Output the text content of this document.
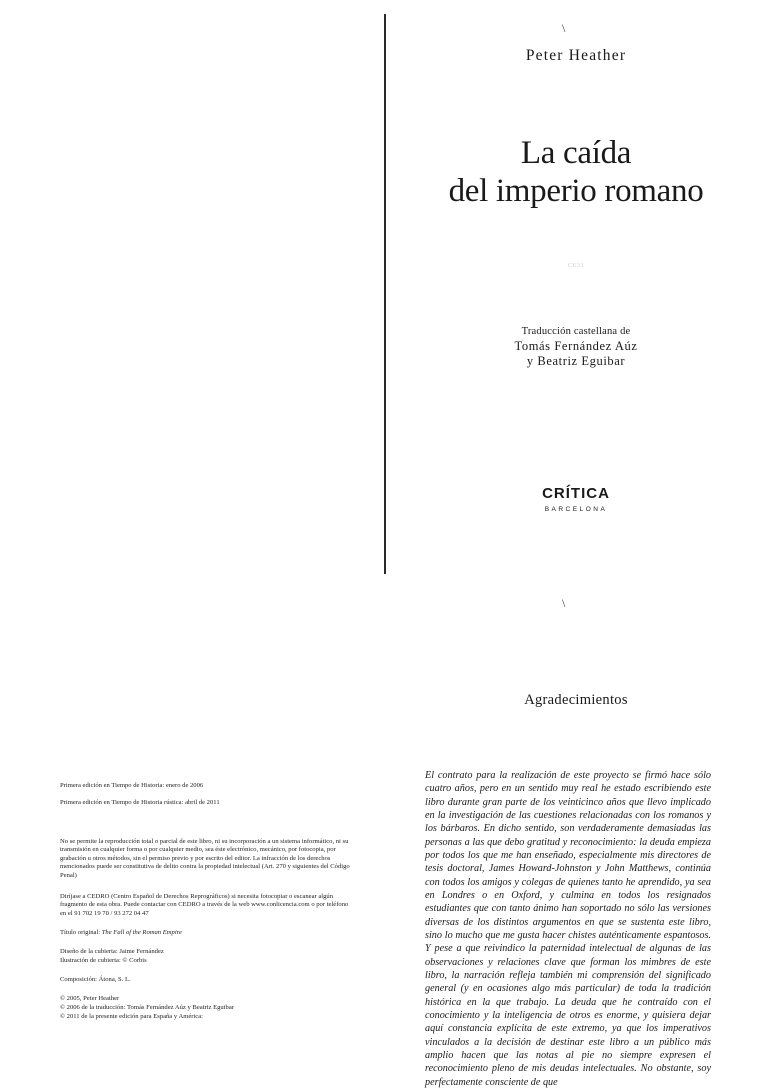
\
Peter Heather
La caída
del imperio romano
CU31
Traducción castellana de
Tomás Fernández Aúz
y Beatriz Eguibar
CRÍTICA
BARCELONA
\
Agradecimientos
El contrato para la realización de este proyecto se firmó hace sólo cuatro años, pero en un sentido muy real he estado escribiendo este libro durante gran parte de los veinticinco años que llevo implicado en la investigación de las cuestiones relacionadas con los romanos y los bárbaros. En dicho sentido, son verdaderamente demasiadas las personas a las que debo gratitud y reconocimiento: la deuda empieza por todos los que me han enseñado, especialmente mis directores de tesis doctoral, James Howard-Johnston y John Matthews, continúa con todos los amigos y colegas de quienes tanto he aprendido, ya sea en Londres o en Oxford, y culmina en todos los resignados estudiantes que con tanto ánimo han soportado no sólo las versiones diversas de los distintos argumentos en que se sustenta este libro, sino lo mucho que me gusta hacer chistes auténticamente espantosos. Y pese a que reivindico la paternidad intelectual de algunas de las observaciones y relaciones clave que forman los mimbres de este libro, la narración refleja también mi comprensión del significado general (y en ocasiones algo más particular) de toda la tradición histórica en la que trabajo. La deuda que he contraído con el conocimiento y la inteligencia de otros es enorme, y quisiera dejar aquí constancia explícita de este extremo, ya que los imperativos vinculados a la decisión de destinar este libro a un público más amplio hacen que las notas al pie no siempre expresen el reconocimiento pleno de mis deudas intelectuales. No obstante, soy perfectamente consciente de que
Primera edición en Tiempo de Historia: enero de 2006
Primera edición en Tiempo de Historia rústica: abril de 2011
No se permite la reproducción total o parcial de este libro, ni su incorporación a un sistema informático, ni su transmisión en cualquier forma o por cualquier medio, sea éste electrónico, mecánico, por fotocopia, por grabación u otros métodos, sin el permiso previo y por escrito del editor. La infracción de los derechos mencionados puede ser constitutiva de delito contra la propiedad intelectual (Art. 270 y siguientes del Código Penal)
Diríjase a CEDRO (Centro Español de Derechos Reprográficos) si necesita fotocopiar o escanear algún fragmento de esta obra. Puede contactar con CEDRO a través de la web www.conlicencia.com o por teléfono en el 91 702 19 70 / 93 272 04 47
Título original: The Fall of the Roman Empire
Diseño de la cubierta: Jaime Fernández
Ilustración de cubierta: © Corbis
Composición: Átona, S. L.
© 2005, Peter Heather
© 2006 de la traducción: Tomás Fernández Aúz y Beatriz Eguibar
© 2011 de la presente edición para España y América:
